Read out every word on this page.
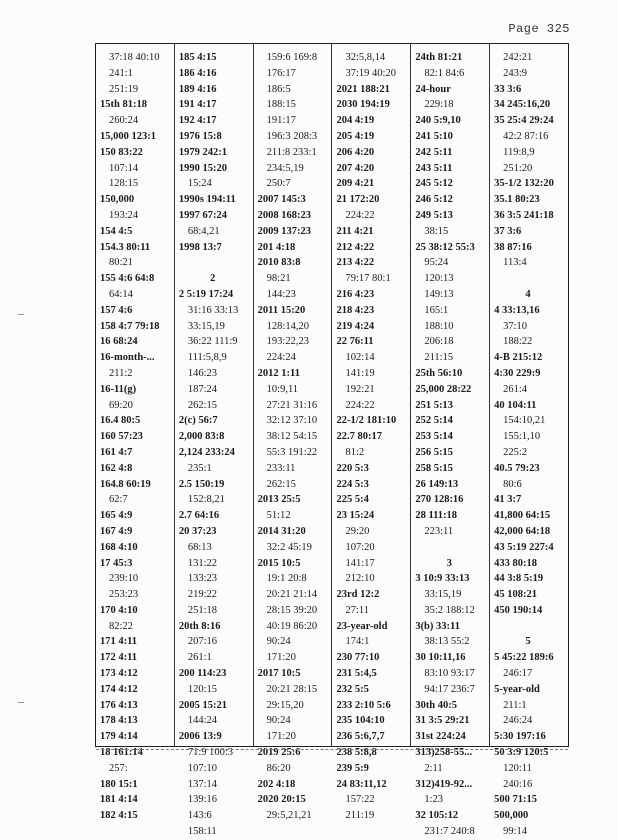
Page 325
37:18 40:10
241:1
251:19
15th 81:18
260:24
15,000 123:1
150 83:22
107:14
128:15
150,000
193:24
154 4:5
154.3 80:11
80:21
155 4:6 64:8
64:14
157 4:6
158 4:7 79:18
16 68:24
16-month-...
211:2
16-11(g)
69:20
16.4 80:5
160 57:23
161 4:7
162 4:8
164.8 60:19
62:7
165 4:9
167 4:9
168 4:10
17 45:3
239:10
253:23
170 4:10
82:22
171 4:11
172 4:11
173 4:12
174 4:12
176 4:13
178 4:13
179 4:14
18 161:14
257:
180 15:1
181 4:14
182 4:15
185 4:15
186 4:16
189 4:16
191 4:17
192 4:17
1976 15:8
1979 242:1
1990 15:20
15:24
1990s 194:11
1997 67:24
68:4,21
1998 13:7
2
2 5:19 17:24
31:16 33:13
33:15,19
36:22 111:9
111:5,8,9
146:23
187:24
262:15
2(c) 56:7
2,000 83:8
2,124 233:24
235:1
2.5 150:19
152:8,21
2.7 64:16
20 37:23
68:13
131:22
133:23
219:22
251:18
20th 8:16
207:16
261:1
200 114:23
120:15
2005 15:21
144:24
2006 13:9
71:9 100:3
107:10
137:14
139:16
143:6
158:11
159:6 169:8
176:17
186:5
188:15
191:17
196:3 208:3
211:8 233:1
234:5,19
250:7
2007 145:3
2008 168:23
2009 137:23
201 4:18
2010 83:8
98:21
144:23
2011 15:20
128:14,20
193:22,23
224:24
2012 1:11
10:9,11
27:21 31:16
32:12 37:10
38:12 54:15
55:3 191:22
233:11
262:15
2013 25:5
51:12
2014 31:20
32:2 45:19
2015 10:5
19:1 20:8
20:21 21:14
28:15 39:20
40:19 86:20
90:24
171:20
2017 10:5
20:21 28:15
29:15,20
90:24
171:20
2019 25:6
86:20
202 4:18
2020 20:15
29:5,21,21
32:5,8,14
37:19 40:20
2021 188:21
2030 194:19
204 4:19
205 4:19
206 4:20
207 4:20
209 4:21
21 172:20
224:22
211 4:21
212 4:22
213 4:22
79:17 80:1
216 4:23
218 4:23
219 4:24
22 76:11
102:14
141:19
192:21
224:22
22-1/2 181:10
22.7 80:17
81:2
220 5:3
224 5:3
225 5:4
23 15:24
29:20
107:20
141:17
212:10
23rd 12:2
27:11
23-year-old
174:1
230 77:10
231 5:4,5
232 5:5
233 2:10 5:6
235 104:10
236 5:6,7,7
238 5:8,8
239 5:9
24 83:11,12
157:22
211:19
24th 81:21
82:1 84:6
24-hour
229:18
240 5:9,10
241 5:10
242 5:11
243 5:11
245 5:12
246 5:12
249 5:13
38:15
25 38:12 55:3
95:24
120:13
149:13
165:1
188:10
206:18
211:15
25th 56:10
25,000 28:22
251 5:13
252 5:14
253 5:14
256 5:15
258 5:15
26 149:13
270 128:16
28 111:18
223:11
3
3 10:9 33:13
33:15,19
35:2 188:12
3(b) 33:11
38:13 55:2
30 10:11,16
83:10 93:17
94:17 236:7
30th 40:5
31 3:5 29:21
31st 224:24
313)258-55...
2:11
312)419-92...
1:23
32 105:12
231:7 240:8
242:21
243:9
33 3:6
34 245:16,20
35 25:4 29:24
42:2 87:16
119:8,9
251:20
35-1/2 132:20
35.1 80:23
36 3:5 241:18
37 3:6
38 87:16
113:4
4
4 33:13,16
37:10
188:22
4-B 215:12
4:30 229:9
261:4
40 104:11
154:10,21
155:1,10
225:2
40.5 79:23
80:6
41 3:7
41,800 64:15
42,000 64:18
43 5:19 227:4
433 80:18
44 3:8 5:19
45 108:21
450 190:14
5
5 45:22 189:6
246:17
5-year-old
211:1
246:24
5:30 197:16
50 3:9 120:5
120:11
240:16
500 71:15
500,000
99:14
